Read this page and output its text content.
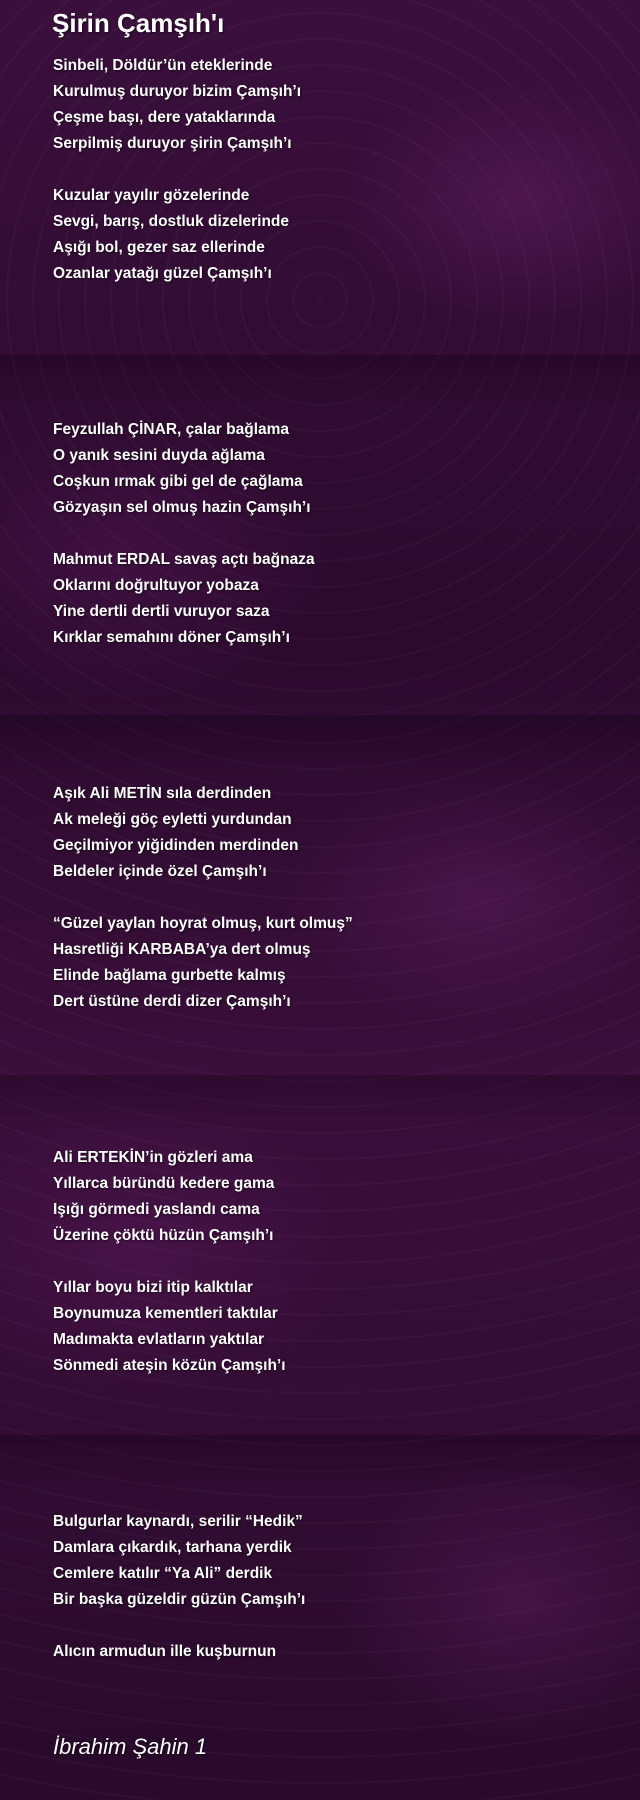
Şirin Çamşıh'ı
Sinbeli, Döldür’ün eteklerinde
Kurulmuş duruyor bizim Çamşıh’ı
Çeşme başı, dere yataklarında
Serpilmiş duruyor şirin Çamşıh’ı
Kuzular yayılır gözelerinde
Sevgi, barış, dostluk dizelerinde
Aşığı bol, gezer saz ellerinde
Ozanlar yatağı güzel Çamşıh’ı
Feyzullah ÇİNAR, çalar bağlama
O yanık sesini duyda ağlama
Coşkun ırmak gibi gel de çağlama
Gözyaşın sel olmuş hazin Çamşıh’ı
Mahmut ERDAL savaş açtı bağnaza
Oklarını doğrultuyor yobaza
Yine dertli dertli vuruyor saza
Kırklar semahını döner Çamşıh’ı
Aşık Ali METİN sıla derdinden
Ak meleği göç eyletti yurdundan
Geçilmiyor yiğidinden merdinden
Beldeler içinde özel Çamşıh’ı
“Güzel yaylan hoyrat olmuş, kurt olmuş”
Hasretliği KARBABA’ya dert olmuş
Elinde bağlama gurbette kalmış
Dert üstüne derdi dizer Çamşıh’ı
Ali ERTEKİN’in gözleri ama
Yıllarca büründü kedere gama
Işığı görmedi yaslandı cama
Üzerine çöktü hüzün Çamşıh’ı
Yıllar boyu bizi itip kalktılar
Boynumuza kementleri taktılar
Madımakta evlatların yaktılar
Sönmedi ateşin közün Çamşıh’ı
Bulgurlar kaynardı, serilir “Hedik”
Damlara çıkardık, tarhana yerdik
Cemlere katılır “Ya Ali” derdik
Bir başka güzeldir güzün Çamşıh’ı
Alıcın armudun ille kuşburnun
İbrahim Şahin 1
